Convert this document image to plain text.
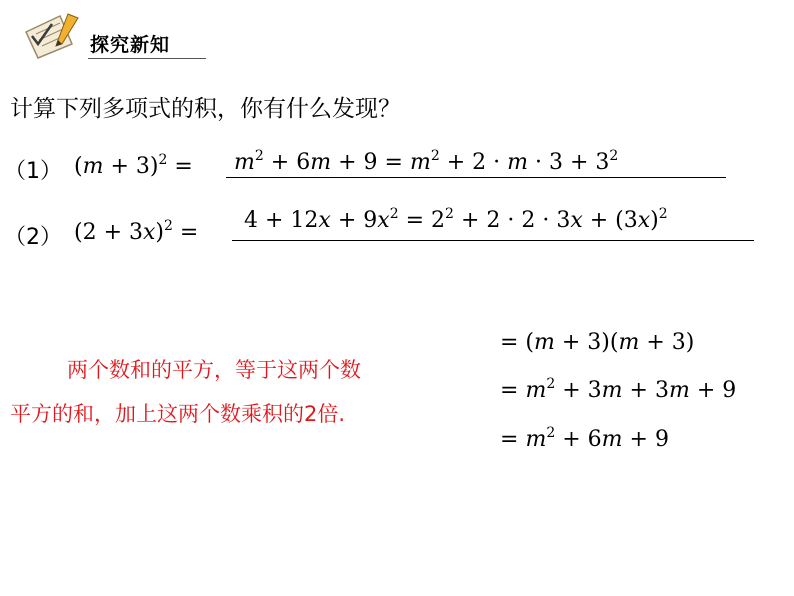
探究新知
计算下列多项式的积，你有什么发现？
（1） $(m + 3)^2 = m^2 + 6m + 9 = m^2 + 2 \cdot m \cdot 3 + 3^2$
（2） $(2 + 3x)^2 = 4 + 12x + 9x^2 = 2^2 + 2 \cdot 2 \cdot 3x + (3x)^2$
两个数和的平方，等于这两个数
平方的和，加上这两个数乘积的2倍.
= (m + 3)(m + 3)
= $m^2 + 3m + 3m + 9$
= $m^2 + 6m + 9$
